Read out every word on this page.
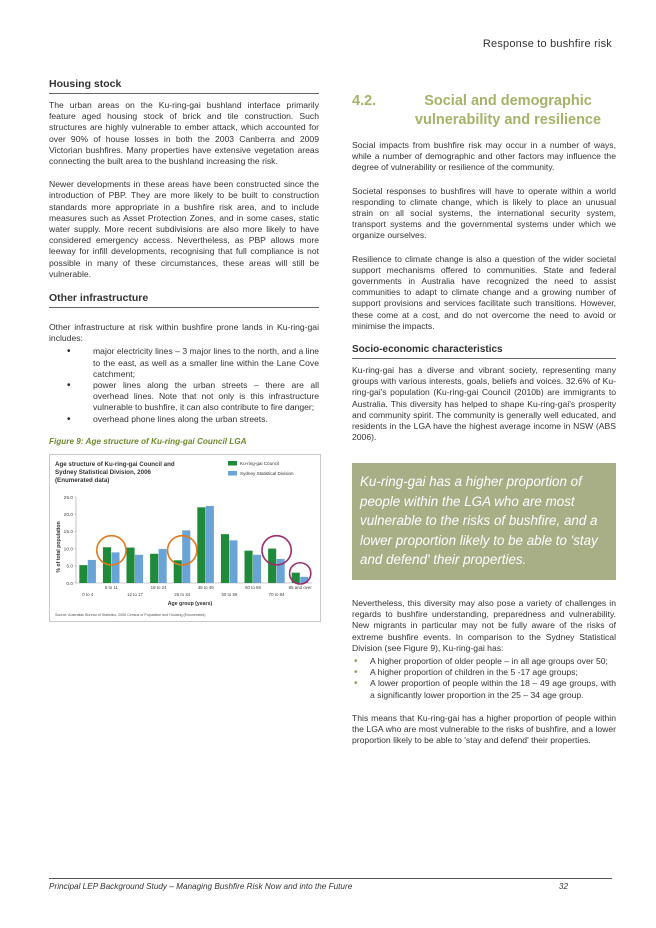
Response to bushfire risk
Housing stock

The urban areas on the Ku-ring-gai bushland interface primarily feature aged housing stock of brick and tile construction. Such structures are highly vulnerable to ember attack, which accounted for over 90% of house losses in both the 2003 Canberra and 2009 Victorian bushfires. Many properties have extensive vegetation areas connecting the built area to the bushland increasing the risk.

Newer developments in these areas have been constructed since the introduction of PBP. They are more likely to be built to construction standards more appropriate in a bushfire risk area, and to include measures such as Asset Protection Zones, and in some cases, static water supply. More recent subdivisions are also more likely to have considered emergency access. Nevertheless, as PBP allows more leeway for infill developments, recognising that full compliance is not possible in many of these circumstances, these areas will still be vulnerable.

Other infrastructure

Other infrastructure at risk within bushfire prone lands in Ku-ring-gai includes:

• major electricity lines – 3 major lines to the north, and a line to the east, as well as a smaller line within the Lane Cove catchment;
• power lines along the urban streets – there are all overhead lines. Note that not only is this infrastructure vulnerable to bushfire, it can also contribute to fire danger;
• overhead phone lines along the urban streets.
Figure 9: Age structure of Ku-ring-gai Council LGA
Age structure of Ku-ring-gai Council and
Sydney Statistical Division, 2006
(Enumerated data)
Ku-ring-gai Council
Sydney Statistical Division
25.0
20.0
15.0
10.0
5.0
0.0
0 to 4
5 to 11
12 to 17
18 to 24
25 to 34
35 to 49
50 to 59
60 to 69
70 to 84
85 and over
Age group (years)
% of total population
Source: Australian Bureau of Statistics, 2006 Census of Population and Housing (Enumerated)
4.2.	Social and demographic vulnerability and resilience

Social impacts from bushfire risk may occur in a number of ways, while a number of demographic and other factors may influence the degree of vulnerability or resilience of the community.

Societal responses to bushfires will have to operate within a world responding to climate change, which is likely to place an unusual strain on all social systems, the international security system, transport systems and the governmental systems under which we organize ourselves.

Resilience to climate change is also a question of the wider societal support mechanisms offered to communities. State and federal governments in Australia have recognized the need to assist communities to adapt to climate change and a growing number of support provisions and services facilitate such transitions. However, these come at a cost, and do not overcome the need to avoid or minimise the impacts.

Socio-economic characteristics

Ku-ring-gai has a diverse and vibrant society, representing many groups with various interests, goals, beliefs and voices. 32.6% of Ku-ring-gai's population (Ku-ring-gai Council (2010b) are immigrants to Australia. This diversity has helped to shape Ku-ring-gai's prosperity and community spirit. The community is generally well educated, and residents in the LGA have the highest average income in NSW (ABS 2006).

Ku-ring-gai has a higher proportion of people within the LGA who are most vulnerable to the risks of bushfire, and a lower proportion likely to be able to 'stay and defend' their properties.

Nevertheless, this diversity may also pose a variety of challenges in regards to bushfire understanding, preparedness and vulnerability. New migrants in particular may not be fully aware of the risks of extreme bushfire events. In comparison to the Sydney Statistical Division (see Figure 9), Ku-ring-gai has:

• A higher proportion of older people – in all age groups over 50;
• A higher proportion of children in the 5 -17 age groups;
• A lower proportion of people within the 18 – 49 age groups, with a significantly lower proportion in the 25 – 34 age group.

This means that Ku-ring-gai has a higher proportion of people within the LGA who are most vulnerable to the risks of bushfire, and a lower proportion likely to be able to 'stay and defend' their properties.

Principal LEP Background Study – Managing Bushfire Risk Now and into the Future	32
